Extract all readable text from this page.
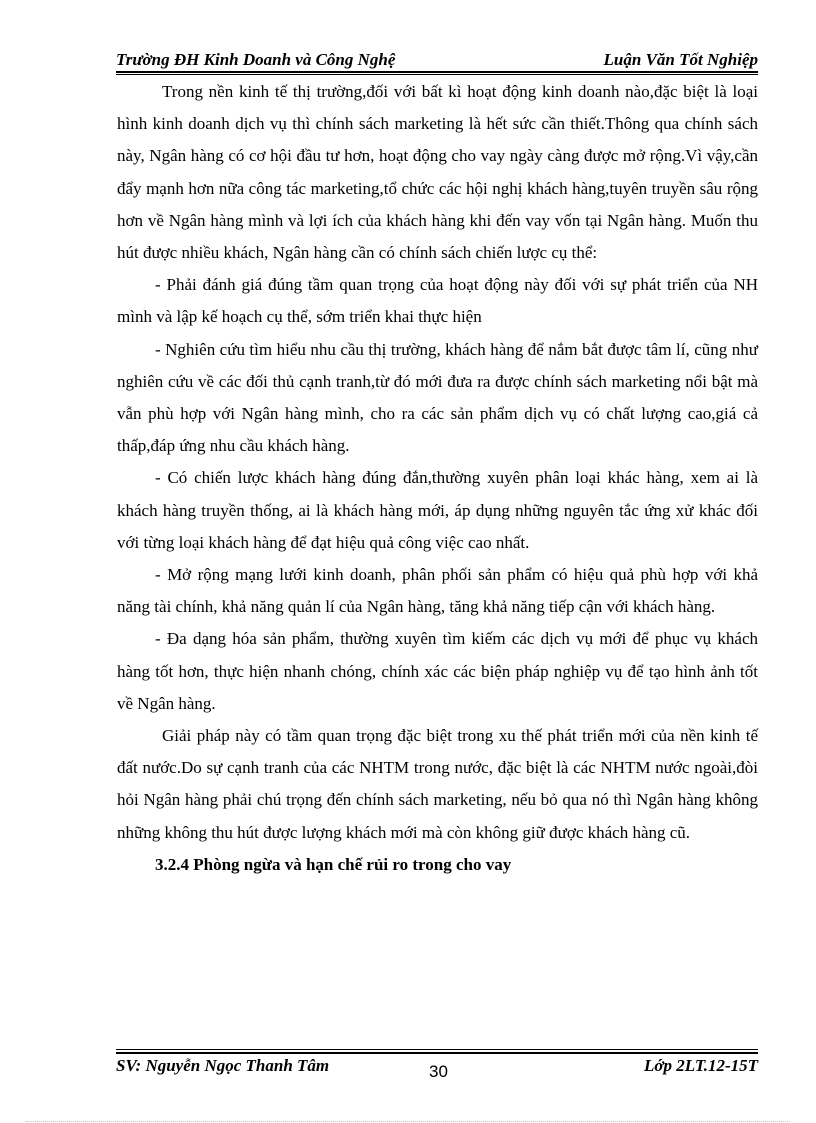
Trường ĐH Kinh Doanh và Công Nghệ	Luận Văn Tốt Nghiệp

Trong nền kinh tế thị trường,đối với bất kì hoạt động kinh doanh nào,đặc biệt là loại hình kinh doanh dịch vụ thì chính sách marketing là hết sức cần thiết.Thông qua chính sách này, Ngân hàng có cơ hội đầu tư hơn, hoạt động cho vay ngày càng được mở rộng.Vì vậy,cần đẩy mạnh hơn nữa công tác marketing,tổ chức các hội nghị khách hàng,tuyên truyền sâu rộng hơn về Ngân hàng mình và lợi ích của khách hàng khi đến vay vốn tại Ngân hàng. Muốn thu hút được nhiều khách, Ngân hàng cần có chính sách chiến lược cụ thể:

- Phải đánh giá đúng tầm quan trọng của hoạt động này đối với sự phát triển của NH mình và lập kế hoạch cụ thể, sớm triển khai thực hiện

- Nghiên cứu tìm hiểu nhu cầu thị trường, khách hàng để nắm bắt được tâm lí, cũng như nghiên cứu về các đối thủ cạnh tranh,từ đó mới đưa ra được chính sách marketing nổi bật mà vẫn phù hợp với Ngân hàng mình, cho ra các sản phẩm dịch vụ có chất lượng cao,giá cả thấp,đáp ứng nhu cầu khách hàng.

- Có chiến lược khách hàng đúng đắn,thường xuyên phân loại khác hàng, xem ai là khách hàng truyền thống, ai là khách hàng mới, áp dụng những nguyên tắc ứng xử khác đối với từng loại khách hàng để đạt hiệu quả công việc cao nhất.

- Mở rộng mạng lưới kinh doanh, phân phối sản phẩm có hiệu quả phù hợp với khả năng tài chính, khả năng quản lí của Ngân hàng, tăng khả năng tiếp cận với khách hàng.

- Đa dạng hóa sản phẩm, thường xuyên tìm kiếm các dịch vụ mới để phục vụ khách hàng tốt hơn, thực hiện nhanh chóng, chính xác các biện pháp nghiệp vụ để tạo hình ảnh tốt về Ngân hàng.

Giải pháp này có tầm quan trọng đặc biệt trong xu thế phát triển mới của nền kinh tế đất nước.Do sự cạnh tranh của các NHTM trong nước, đặc biệt là các NHTM nước ngoài,đòi hỏi Ngân hàng phải chú trọng đến chính sách marketing, nếu bỏ qua nó thì Ngân hàng không những không thu hút được lượng khách mới mà còn không giữ được khách hàng cũ.

3.2.4 Phòng ngừa và hạn chế rủi ro trong cho vay

SV: Nguyễn Ngọc Thanh Tâm	30	Lớp 2LT.12-15T
